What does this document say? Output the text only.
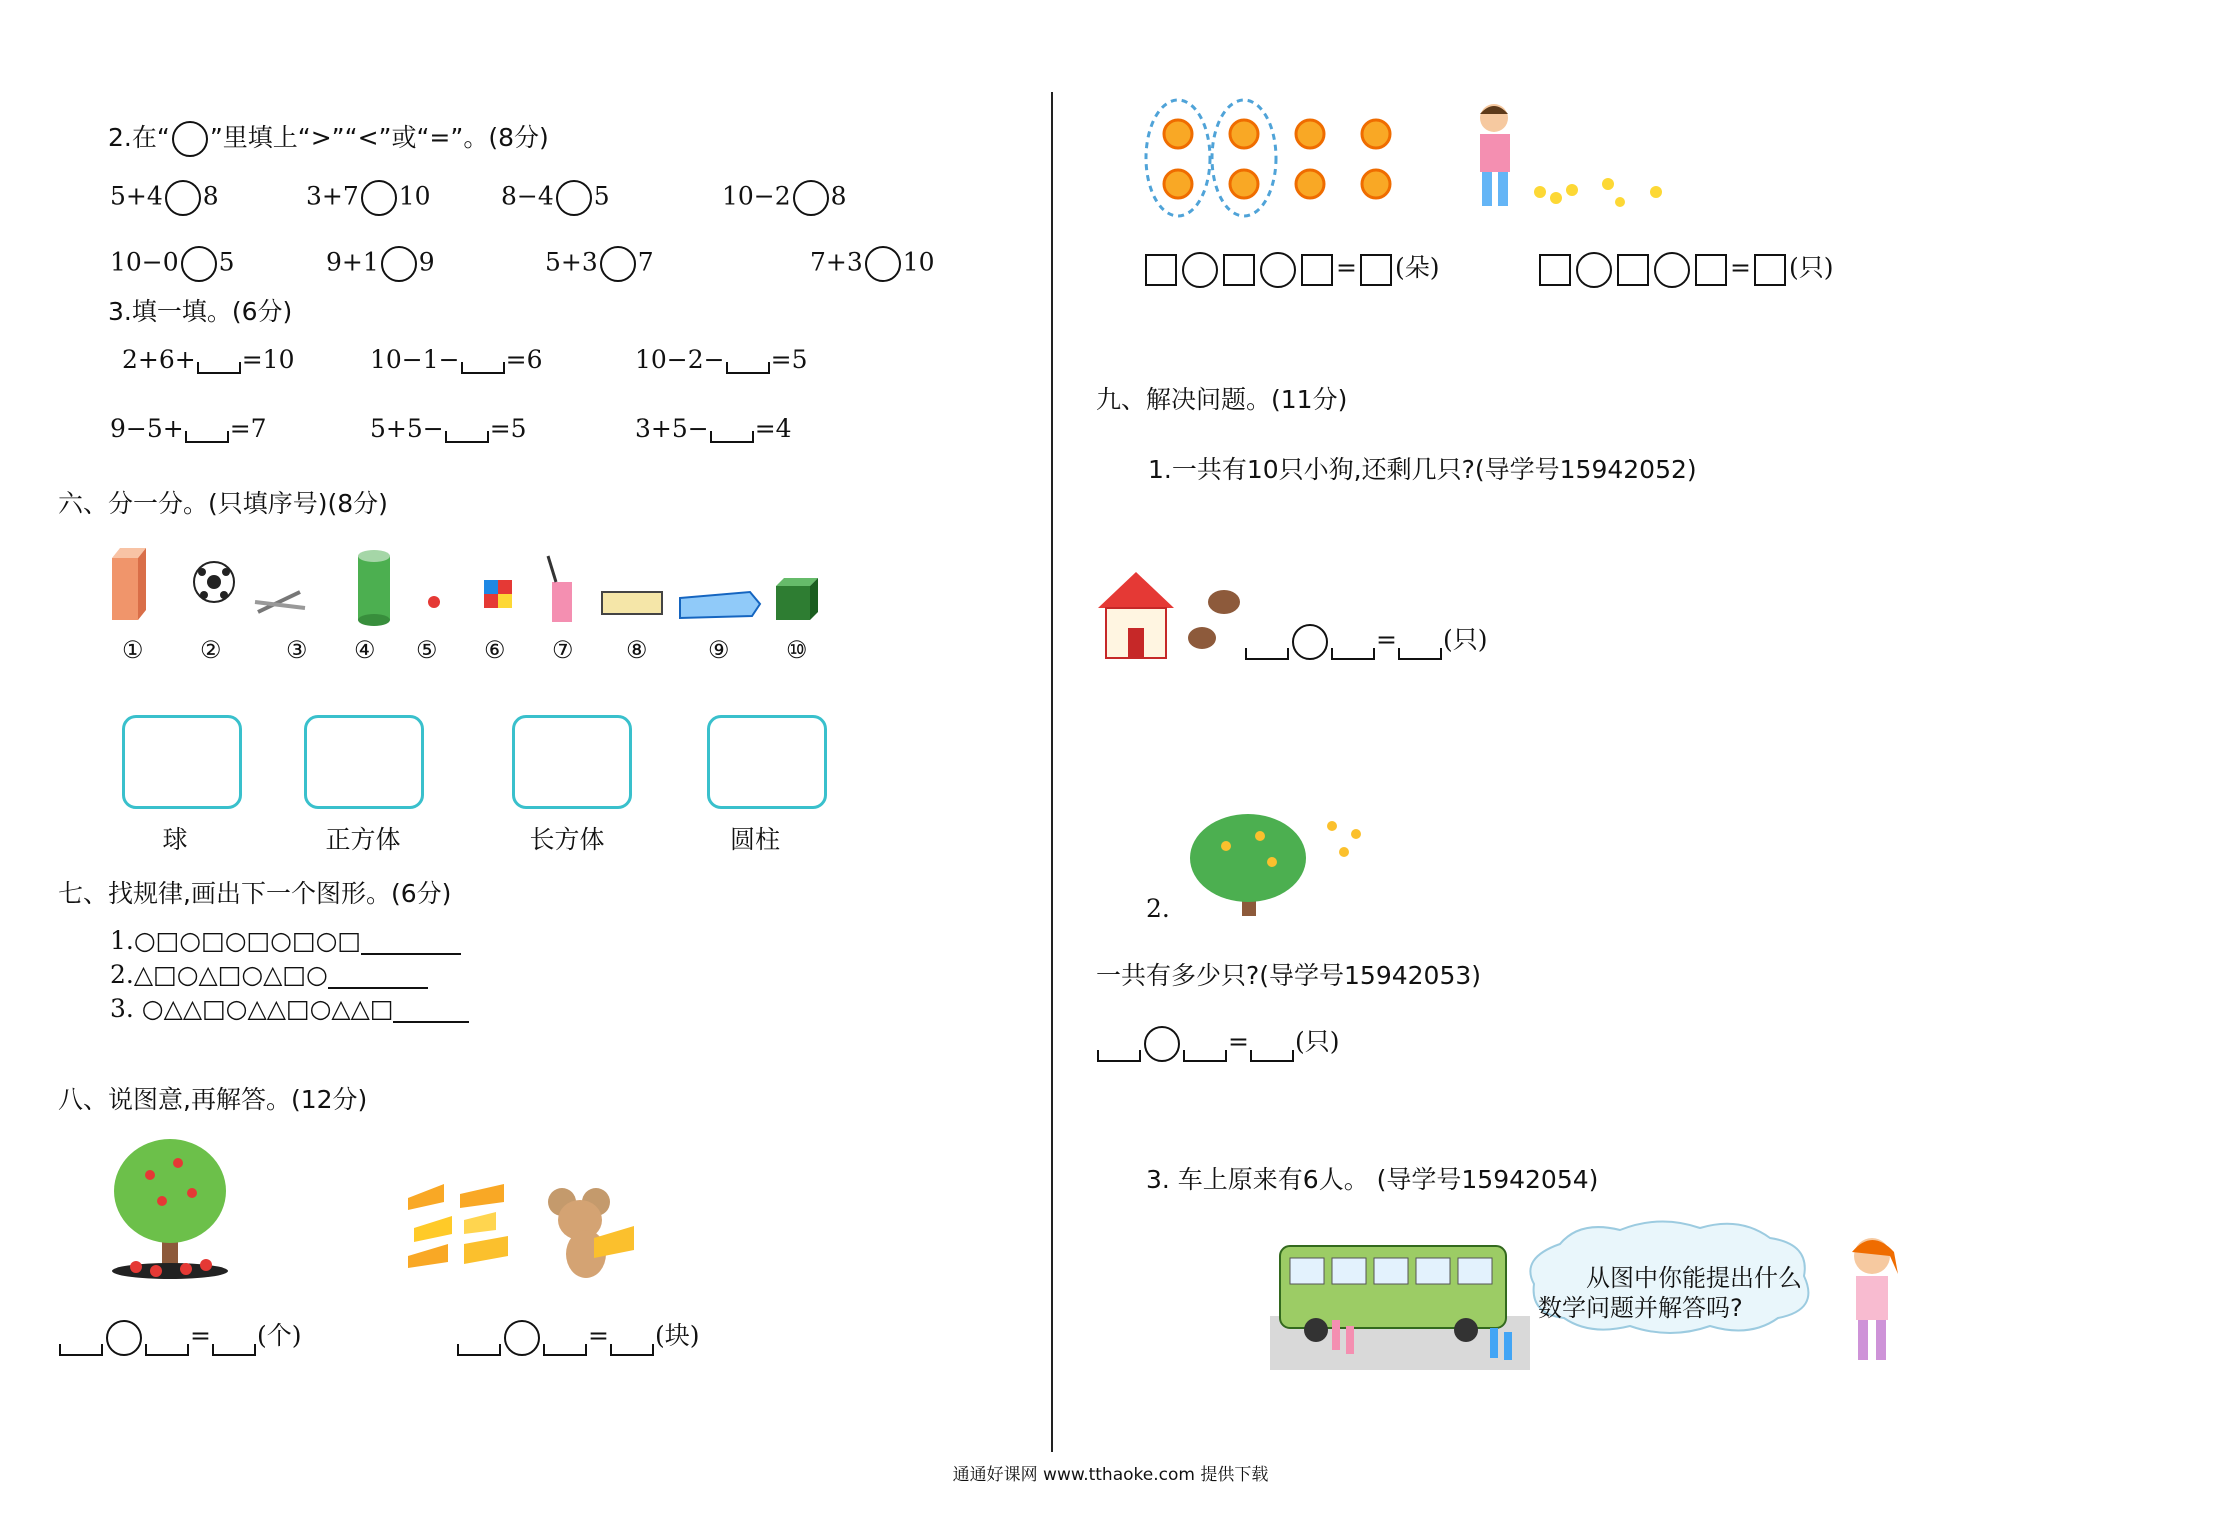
2.在“ ”里填上“>”“<”或“=”。(8分)
5+4 8	3+7 10	8−4 5	10−2 8
10−0 5	9+1 9	5+3 7	7+3 10
3.填一填。(6分)
2+6+ =10	10−1− =6	10−2− =5
9−5+ =7	5+5− =5	3+5− =4
六、分一分。(只填序号)(8分)
① ②	③ ④ ⑤ ⑥ ⑦ ⑧	⑨ ⑩
球	正方体	长方体	圆柱
七、找规律,画出下一个图形。(6分)
1.○□○□○□○□○□
2.△□○△□○△□○
3. ○△△□○△△□○△△□
八、说图意,再解答。(12分)
= (个)	= (块)
= (朵)	= (只)
九、解决问题。(11分)
1.一共有10只小狗,还剩几只?(导学号15942052)
= (只)
2.
一共有多少只?(导学号15942053)
= (只)
3. 车上原来有6人。 (导学号15942054)
从图中你能提出什么
数学问题并解答吗?
通通好课网 www.tthaoke.com 提供下载
